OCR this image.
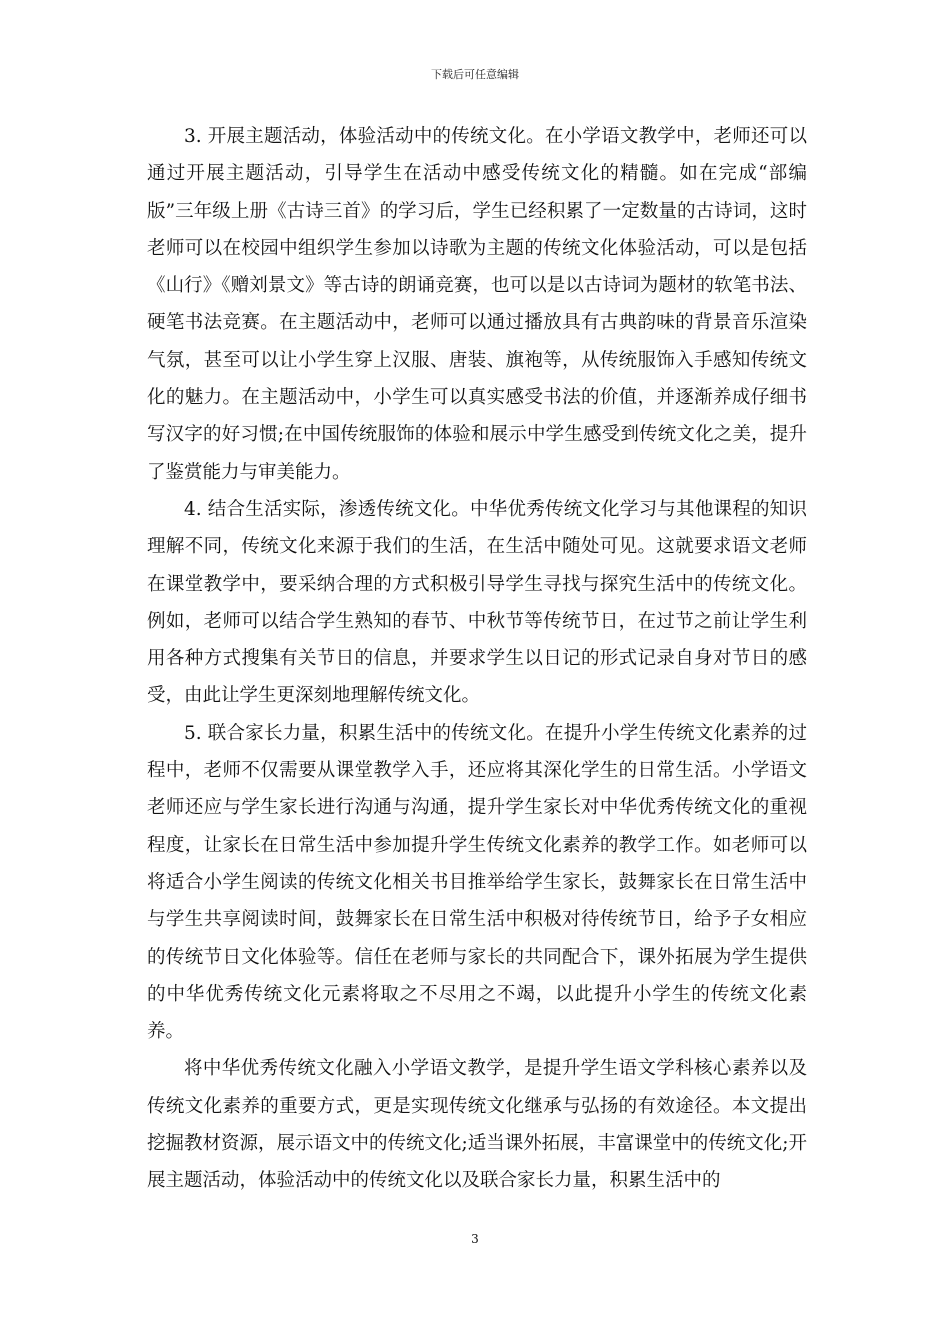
下载后可任意编辑

3. 开展主题活动，体验活动中的传统文化。在小学语文教学中，老师还可以通过开展主题活动，引导学生在活动中感受传统文化的精髓。如在完成“部编版”三年级上册《古诗三首》的学习后，学生已经积累了一定数量的古诗词，这时老师可以在校园中组织学生参加以诗歌为主题的传统文化体验活动，可以是包括《山行》《赠刘景文》等古诗的朗诵竞赛，也可以是以古诗词为题材的软笔书法、硬笔书法竞赛。在主题活动中，老师可以通过播放具有古典韵味的背景音乐渲染气氛，甚至可以让小学生穿上汉服、唐装、旗袍等，从传统服饰入手感知传统文化的魅力。在主题活动中，小学生可以真实感受书法的价值，并逐渐养成仔细书写汉字的好习惯;在中国传统服饰的体验和展示中学生感受到传统文化之美，提升了鉴赏能力与审美能力。

4. 结合生活实际，渗透传统文化。中华优秀传统文化学习与其他课程的知识理解不同，传统文化来源于我们的生活，在生活中随处可见。这就要求语文老师在课堂教学中，要采纳合理的方式积极引导学生寻找与探究生活中的传统文化。例如，老师可以结合学生熟知的春节、中秋节等传统节日，在过节之前让学生利用各种方式搜集有关节日的信息，并要求学生以日记的形式记录自身对节日的感受，由此让学生更深刻地理解传统文化。

5. 联合家长力量，积累生活中的传统文化。在提升小学生传统文化素养的过程中，老师不仅需要从课堂教学入手，还应将其深化学生的日常生活。小学语文老师还应与学生家长进行沟通与沟通，提升学生家长对中华优秀传统文化的重视程度，让家长在日常生活中参加提升学生传统文化素养的教学工作。如老师可以将适合小学生阅读的传统文化相关书目推举给学生家长，鼓舞家长在日常生活中与学生共享阅读时间，鼓舞家长在日常生活中积极对待传统节日，给予子女相应的传统节日文化体验等。信任在老师与家长的共同配合下，课外拓展为学生提供的中华优秀传统文化元素将取之不尽用之不竭，以此提升小学生的传统文化素养。

将中华优秀传统文化融入小学语文教学，是提升学生语文学科核心素养以及传统文化素养的重要方式，更是实现传统文化继承与弘扬的有效途径。本文提出挖掘教材资源，展示语文中的传统文化;适当课外拓展，丰富课堂中的传统文化;开展主题活动，体验活动中的传统文化以及联合家长力量，积累生活中的

3
